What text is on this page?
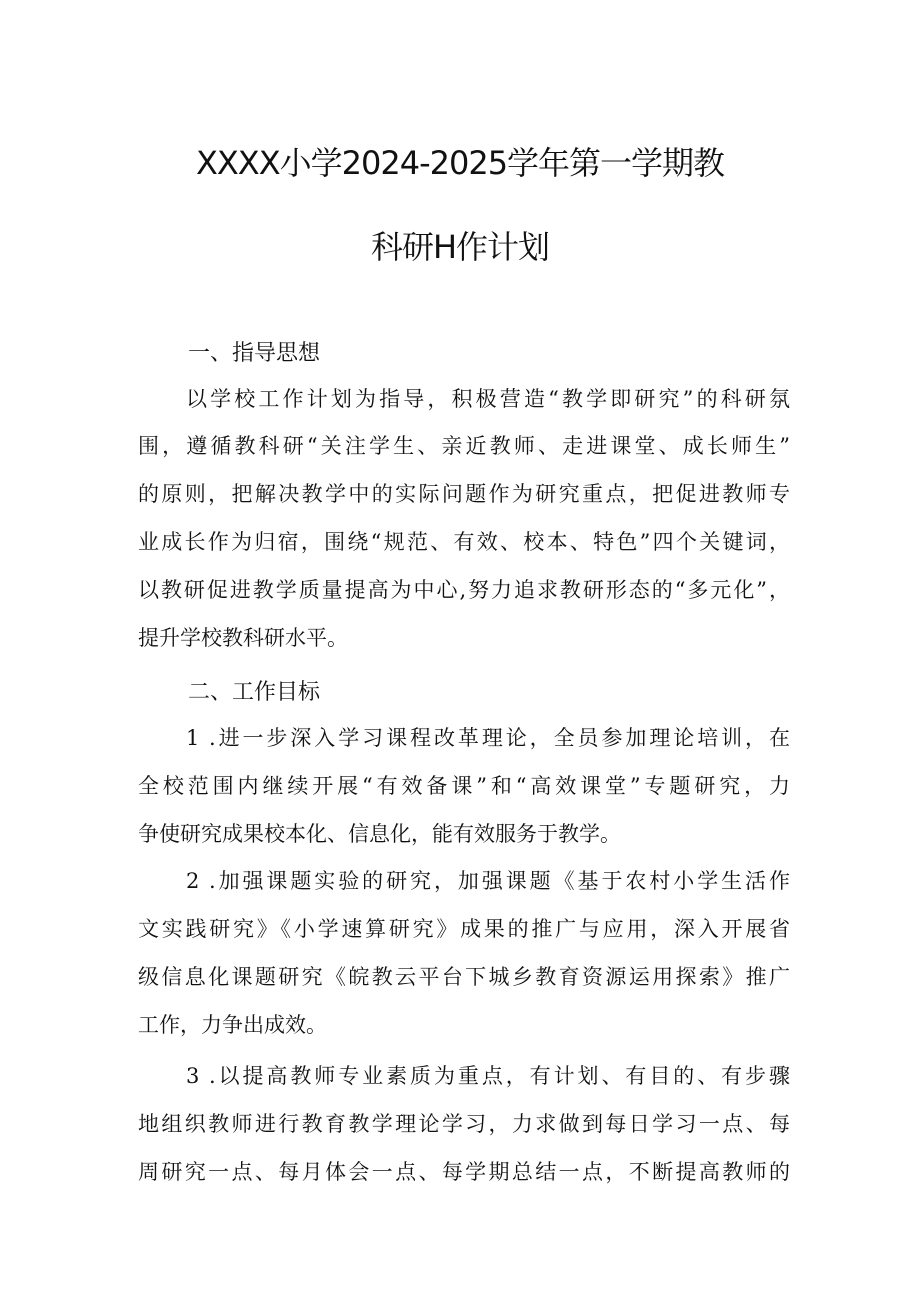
XXXX小学2024-2025学年第一学期教
科研H作计划
一、指导思想

以学校工作计划为指导，积极营造“教学即研究”的科研氛

围，遵循教科研“关注学生、亲近教师、走进课堂、成长师生”

的原则，把解决教学中的实际问题作为研究重点，把促进教师专

业成长作为归宿，围绕“规范、有效、校本、特色”四个关键词，

以教研促进教学质量提高为中心,努力追求教研形态的“多元化”，

提升学校教科研水平。

二、工作目标

1 .进一步深入学习课程改革理论，全员参加理论培训，在

全校范围内继续开展“有效备课”和“高效课堂”专题研究，力

争使研究成果校本化、信息化，能有效服务于教学。

2 .加强课题实验的研究，加强课题《基于农村小学生活作

文实践研究》《小学速算研究》成果的推广与应用，深入开展省

级信息化课题研究《皖教云平台下城乡教育资源运用探索》推广

工作，力争出成效。

3 .以提高教师专业素质为重点，有计划、有目的、有步骤

地组织教师进行教育教学理论学习，力求做到每日学习一点、每

周研究一点、每月体会一点、每学期总结一点，不断提高教师的
